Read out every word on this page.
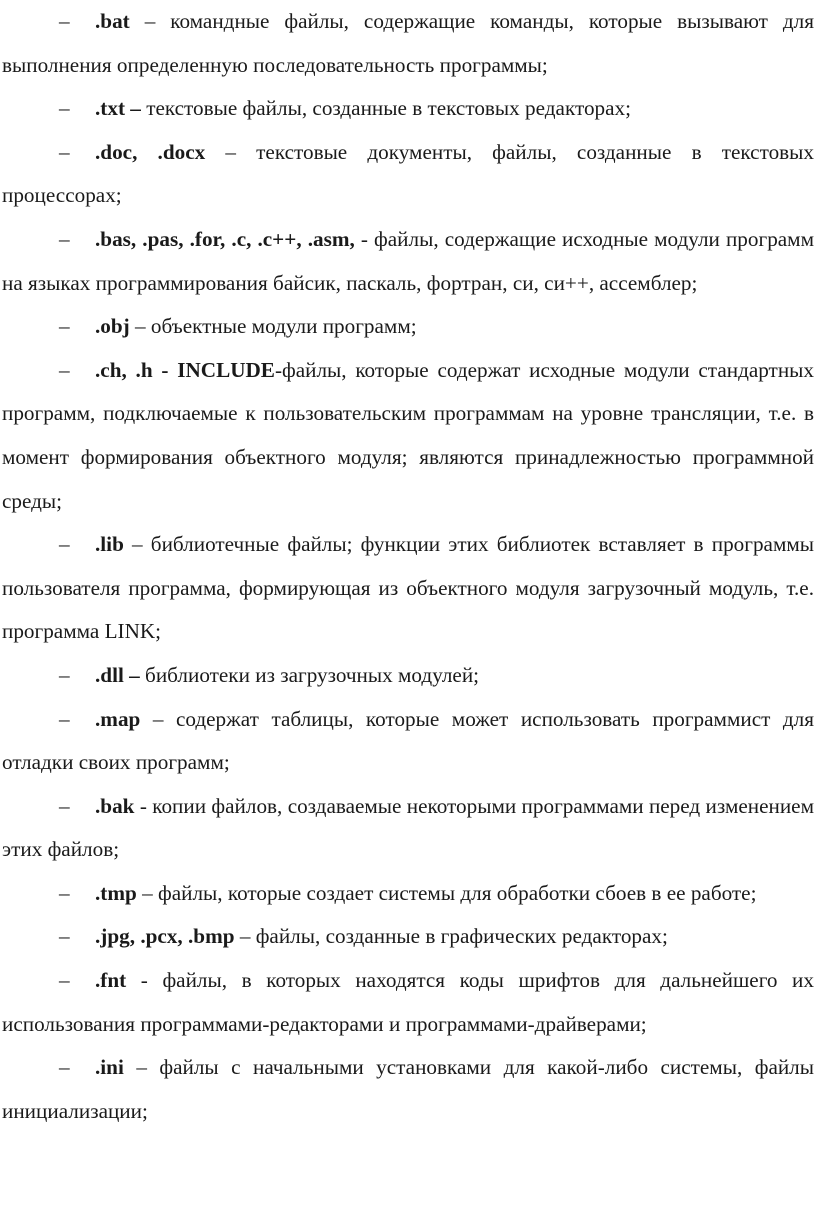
– .bat – командные файлы, содержащие команды, которые вызывают для выполнения определенную последовательность программы;

– .txt – текстовые файлы, созданные в текстовых редакторах;

– .doc, .docx – текстовые документы, файлы, созданные в текстовых процессорах;

– .bas, .pas, .for, .c, .c++, .asm, - файлы, содержащие исходные модули программ на языках программирования байсик, паскаль, фортран, си, си++, ассемблер;

– .obj – объектные модули программ;

– .ch, .h - INCLUDE-файлы, которые содержат исходные модули стандартных программ, подключаемые к пользовательским программам на уровне трансляции, т.е. в момент формирования объектного модуля; являются принадлежностью программной среды;

– .lib – библиотечные файлы; функции этих библиотек вставляет в программы пользователя программа, формирующая из объектного модуля загрузочный модуль, т.е. программа LINK;

– .dll – библиотеки из загрузочных модулей;

– .map – содержат таблицы, которые может использовать программист для отладки своих программ;

– .bak - копии файлов, создаваемые некоторыми программами перед изменением этих файлов;

– .tmp – файлы, которые создает системы для обработки сбоев в ее работе;

– .jpg, .pcx, .bmp – файлы, созданные в графических редакторах;

– .fnt - файлы, в которых находятся коды шрифтов для дальнейшего их использования программами-редакторами и программами-драйверами;

– .ini – файлы с начальными установками для какой-либо системы, файлы инициализации;
